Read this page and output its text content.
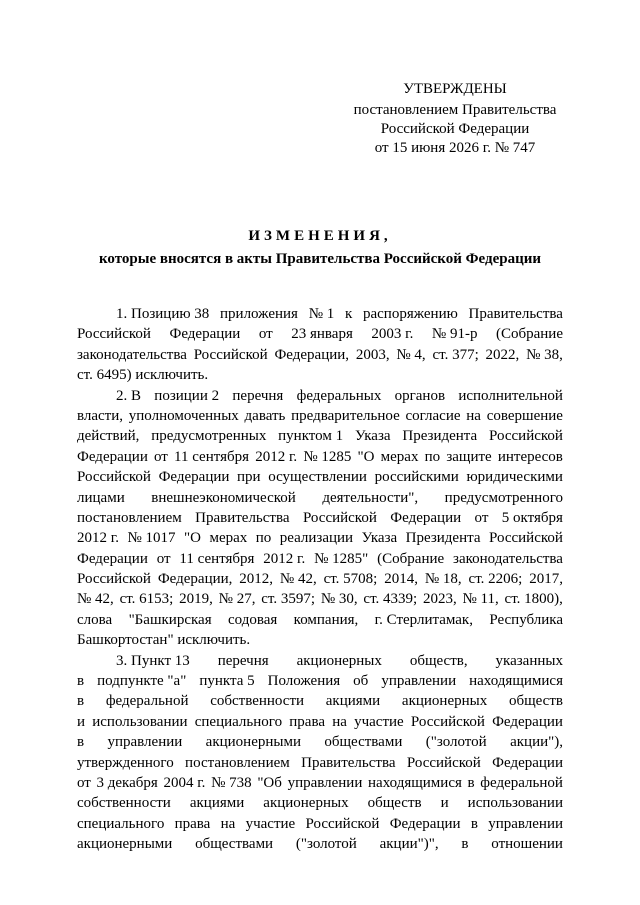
УТВЕРЖДЕНЫ
постановлением Правительства
Российской Федерации
от 15 июня 2026 г. № 747
ИЗМЕНЕНИЯ,
которые вносятся в акты Правительства Российской Федерации
1. Позицию 38 приложения № 1 к распоряжению Правительства
Российской Федерации от 23 января 2003 г. № 91-р (Собрание
законодательства Российской Федерации, 2003, № 4, ст. 377; 2022, № 38,
ст. 6495) исключить.
2. В позиции 2 перечня федеральных органов исполнительной
власти, уполномоченных давать предварительное согласие на совершение
действий, предусмотренных пунктом 1 Указа Президента Российской
Федерации от 11 сентября 2012 г. № 1285 "О мерах по защите интересов
Российской Федерации при осуществлении российскими юридическими
лицами внешнеэкономической деятельности", предусмотренного
постановлением Правительства Российской Федерации от 5 октября
2012 г. № 1017 "О мерах по реализации Указа Президента Российской
Федерации от 11 сентября 2012 г. № 1285" (Собрание законодательства
Российской Федерации, 2012, № 42, ст. 5708; 2014, № 18, ст. 2206; 2017,
№ 42, ст. 6153; 2019, № 27, ст. 3597; № 30, ст. 4339; 2023, № 11, ст. 1800),
слова "Башкирская содовая компания, г. Стерлитамак, Республика
Башкортостан" исключить.
3. Пункт 13 перечня акционерных обществ, указанных
в подпункте "а" пункта 5 Положения об управлении находящимися
в федеральной собственности акциями акционерных обществ
и использовании специального права на участие Российской Федерации
в управлении акционерными обществами ("золотой акции"),
утвержденного постановлением Правительства Российской Федерации
от 3 декабря 2004 г. № 738 "Об управлении находящимися в федеральной
собственности акциями акционерных обществ и использовании
специального права на участие Российской Федерации в управлении
акционерными обществами ("золотой акции")", в отношении
